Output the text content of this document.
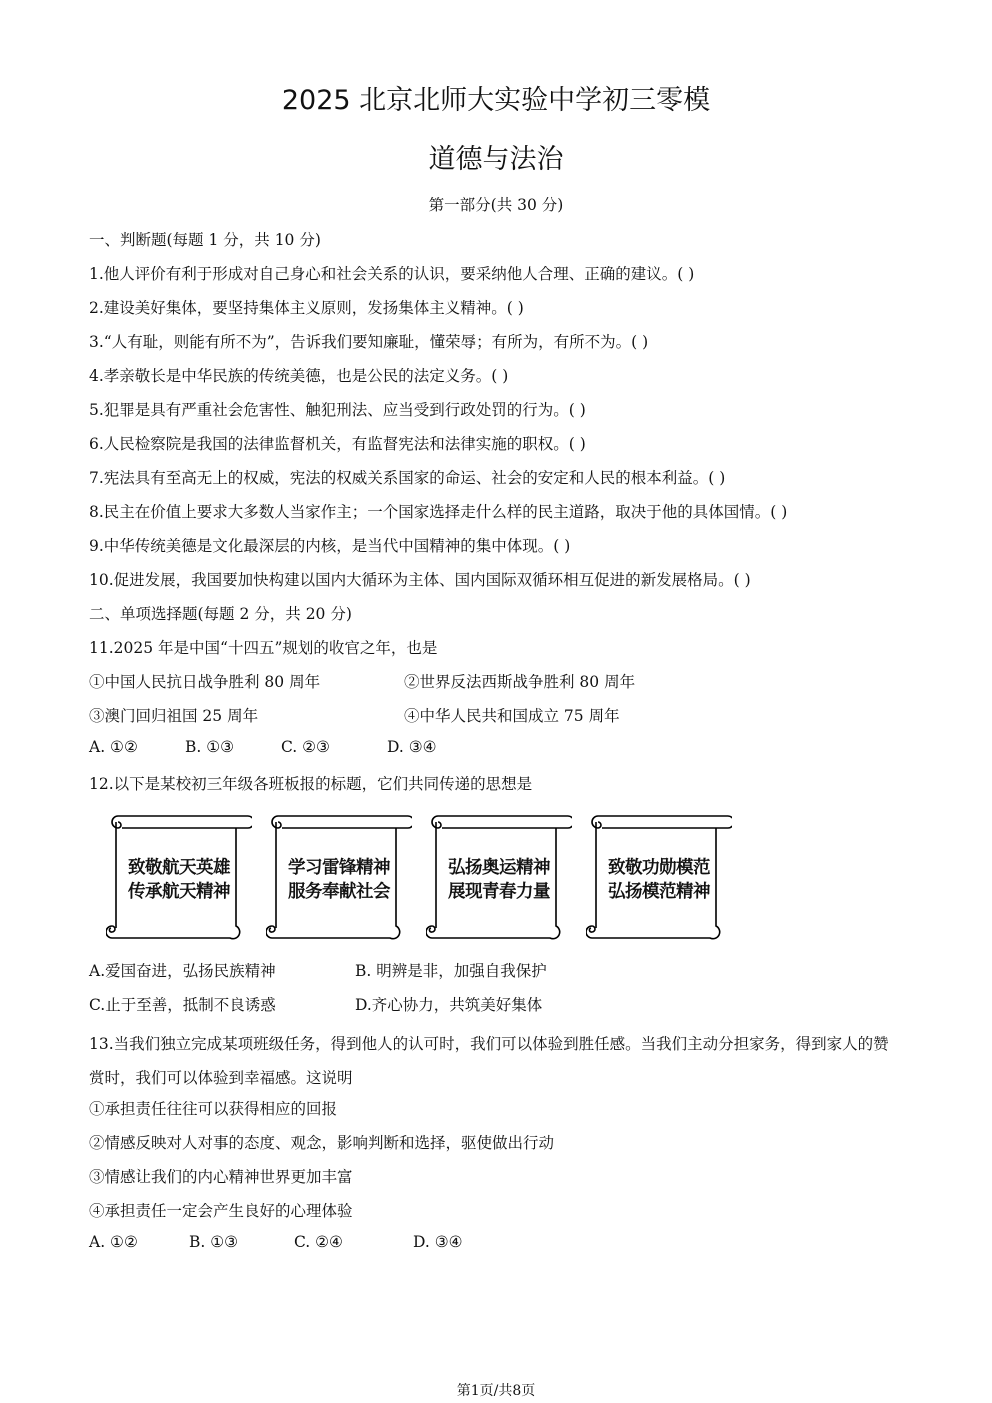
2025 北京北师大实验中学初三零模
道德与法治
第一部分(共 30 分)
一、判断题(每题 1 分，共 10 分)
1.他人评价有利于形成对自己身心和社会关系的认识，要采纳他人合理、正确的建议。( )
2.建设美好集体，要坚持集体主义原则，发扬集体主义精神。( )
3.“人有耻，则能有所不为”，告诉我们要知廉耻，懂荣辱；有所为，有所不为。( )
4.孝亲敬长是中华民族的传统美德，也是公民的法定义务。( )
5.犯罪是具有严重社会危害性、触犯刑法、应当受到行政处罚的行为。( )
6.人民检察院是我国的法律监督机关，有监督宪法和法律实施的职权。( )
7.宪法具有至高无上的权威，宪法的权威关系国家的命运、社会的安定和人民的根本利益。( )
8.民主在价值上要求大多数人当家作主；一个国家选择走什么样的民主道路，取决于他的具体国情。( )
9.中华传统美德是文化最深层的内核，是当代中国精神的集中体现。( )
10.促进发展，我国要加快构建以国内大循环为主体、国内国际双循环相互促进的新发展格局。( )
二、单项选择题(每题 2 分，共 20 分)
11.2025 年是中国“十四五”规划的收官之年，也是
①中国人民抗日战争胜利 80 周年	②世界反法西斯战争胜利 80 周年
③澳门回归祖国 25 周年	④中华人民共和国成立 75 周年
A. ①②	B. ①③	C. ②③	D. ③④
12.以下是某校初三年级各班板报的标题，它们共同传递的思想是
致敬航天英雄
传承航天精神
学习雷锋精神
服务奉献社会
弘扬奥运精神
展现青春力量
致敬功勋模范
弘扬模范精神
A.爱国奋进，弘扬民族精神	B. 明辨是非，加强自我保护
C.止于至善，抵制不良诱惑	D.齐心协力，共筑美好集体
13.当我们独立完成某项班级任务，得到他人的认可时，我们可以体验到胜任感。当我们主动分担家务，得到家人的赞赏时，我们可以体验到幸福感。这说明
①承担责任往往可以获得相应的回报
②情感反映对人对事的态度、观念，影响判断和选择，驱使做出行动
③情感让我们的内心精神世界更加丰富
④承担责任一定会产生良好的心理体验
A. ①②	B. ①③	C. ②④	D. ③④
第1页/共8页
